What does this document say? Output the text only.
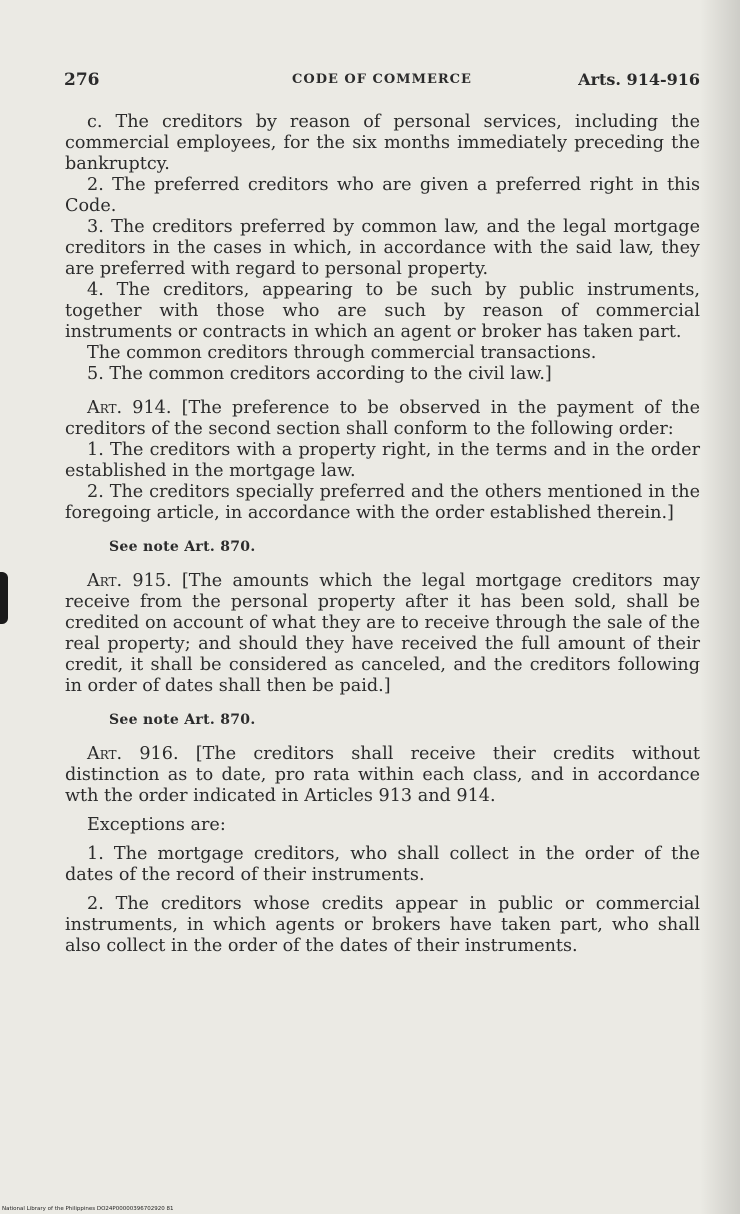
276	CODE OF COMMERCE	Arts. 914-916

c. The creditors by reason of personal services, including the commercial employees, for the six months immediately preceding the bankruptcy.

2. The preferred creditors who are given a preferred right in this Code.

3. The creditors preferred by common law, and the legal mortgage creditors in the cases in which, in accordance with the said law, they are preferred with regard to personal property.

4. The creditors, appearing to be such by public instruments, together with those who are such by reason of commercial instruments or contracts in which an agent or broker has taken part.

The common creditors through commercial transactions.

5. The common creditors according to the civil law.]

Art. 914. [The preference to be observed in the payment of the creditors of the second section shall conform to the following order:

1. The creditors with a property right, in the terms and in the order established in the mortgage law.

2. The creditors specially preferred and the others mentioned in the foregoing article, in accordance with the order established therein.]

See note Art. 870.

Art. 915. [The amounts which the legal mortgage creditors may receive from the personal property after it has been sold, shall be credited on account of what they are to receive through the sale of the real property; and should they have received the full amount of their credit, it shall be considered as canceled, and the creditors following in order of dates shall then be paid.]

See note Art. 870.

Art. 916. [The creditors shall receive their credits without distinction as to date, pro rata within each class, and in accordance wth the order indicated in Articles 913 and 914.

Exceptions are:

1. The mortgage creditors, who shall collect in the order of the dates of the record of their instruments.

2. The creditors whose credits appear in public or commercial instruments, in which agents or brokers have taken part, who shall also collect in the order of the dates of their instruments.

National Library of the Philippines DO24P00000396702920 81
